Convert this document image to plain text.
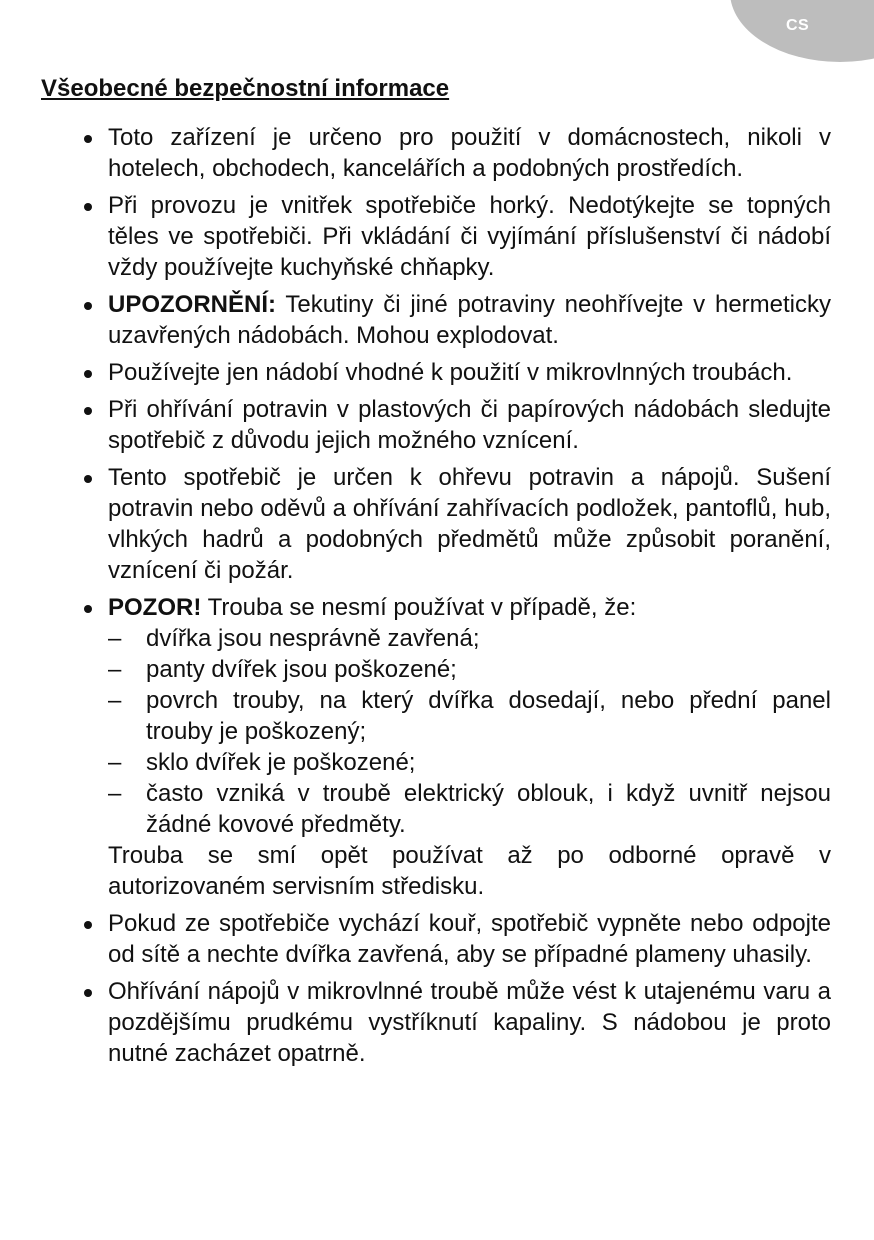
CS
Všeobecné bezpečnostní informace

Toto zařízení je určeno pro použití v domácnostech, nikoli v hotelech, obchodech, kancelářích a podobných prostředích.

Při provozu je vnitřek spotřebiče horký. Nedotýkejte se topných těles ve spotřebiči. Při vkládání či vyjímání příslušenství či nádobí vždy používejte kuchyňské chňapky.

UPOZORNĚNÍ: Tekutiny či jiné potraviny neohřívejte v hermeticky uzavřených nádobách. Mohou explodovat.

Používejte jen nádobí vhodné k použití v mikrovlnných troubách.

Při ohřívání potravin v plastových či papírových nádobách sledujte spotřebič z důvodu jejich možného vznícení.

Tento spotřebič je určen k ohřevu potravin a nápojů. Sušení potravin nebo oděvů a ohřívání zahřívacích podložek, pantoflů, hub, vlhkých hadrů a podobných předmětů může způsobit poranění, vznícení či požár.

POZOR! Trouba se nesmí používat v případě, že:

– dvířka jsou nesprávně zavřená;
– panty dvířek jsou poškozené;
– povrch trouby, na který dvířka dosedají, nebo přední panel trouby je poškozený;
– sklo dvířek je poškozené;
– často vzniká v troubě elektrický oblouk, i když uvnitř nejsou žádné kovové předměty.

Trouba se smí opět používat až po odborné opravě v autorizovaném servisním středisku.

Pokud ze spotřebiče vychází kouř, spotřebič vypněte nebo odpojte od sítě a nechte dvířka zavřená, aby se případné plameny uhasily.

Ohřívání nápojů v mikrovlnné troubě může vést k utajenému varu a pozdějšímu prudkému vystříknutí kapaliny. S nádobou je proto nutné zacházet opatrně.
